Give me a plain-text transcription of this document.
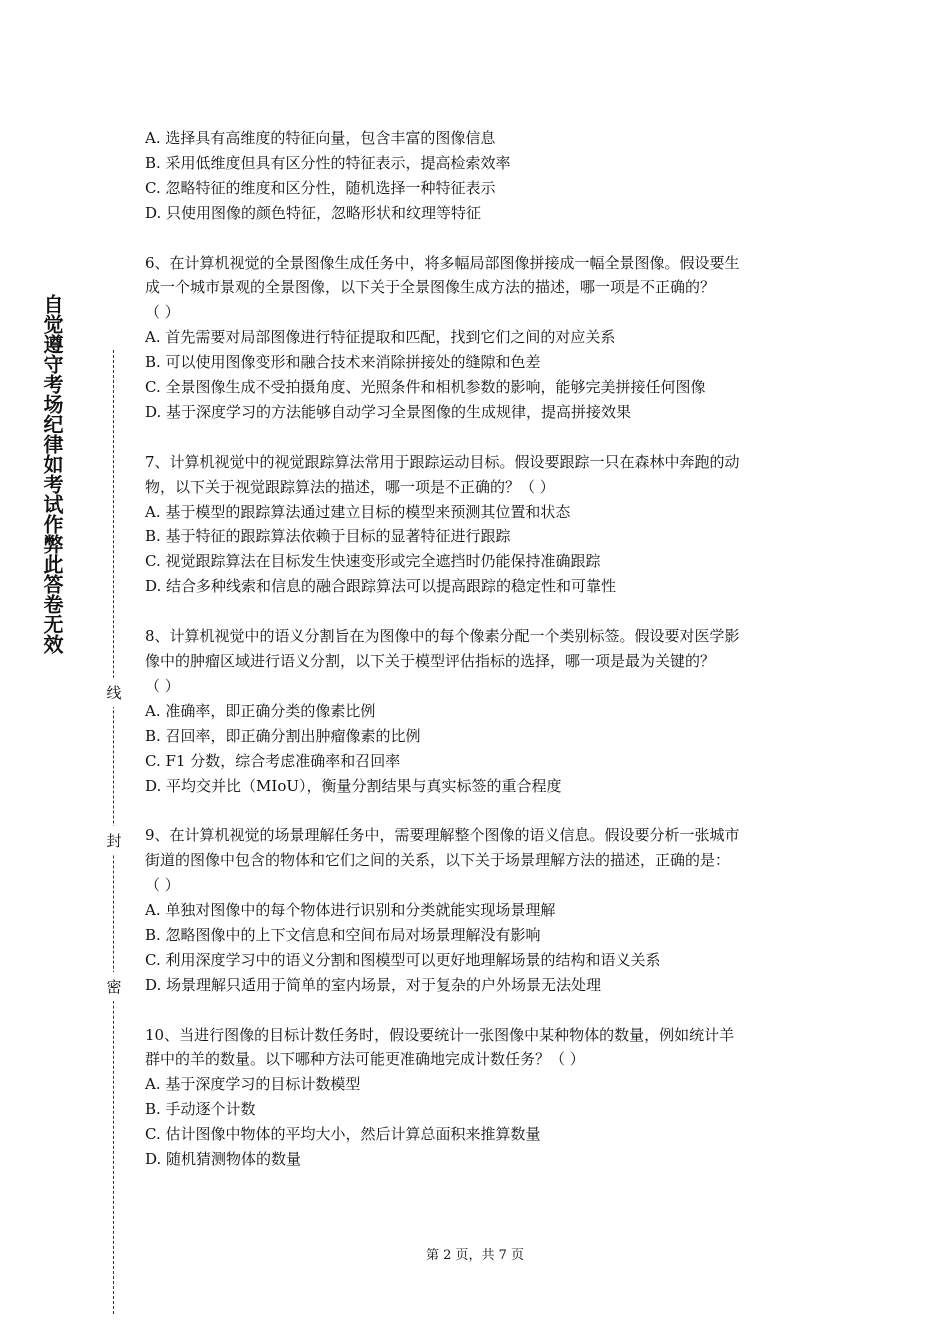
自觉遵守考场纪律如考试作弊此答卷无效
线
封
密
A. 选择具有高维度的特征向量，包含丰富的图像信息
B. 采用低维度但具有区分性的特征表示，提高检索效率
C. 忽略特征的维度和区分性，随机选择一种特征表示
D. 只使用图像的颜色特征，忽略形状和纹理等特征
6、在计算机视觉的全景图像生成任务中，将多幅局部图像拼接成一幅全景图像。假设要生
成一个城市景观的全景图像，以下关于全景图像生成方法的描述，哪一项是不正确的？
（ ）
A. 首先需要对局部图像进行特征提取和匹配，找到它们之间的对应关系
B. 可以使用图像变形和融合技术来消除拼接处的缝隙和色差
C. 全景图像生成不受拍摄角度、光照条件和相机参数的影响，能够完美拼接任何图像
D. 基于深度学习的方法能够自动学习全景图像的生成规律，提高拼接效果
7、计算机视觉中的视觉跟踪算法常用于跟踪运动目标。假设要跟踪一只在森林中奔跑的动
物，以下关于视觉跟踪算法的描述，哪一项是不正确的？（ ）
A. 基于模型的跟踪算法通过建立目标的模型来预测其位置和状态
B. 基于特征的跟踪算法依赖于目标的显著特征进行跟踪
C. 视觉跟踪算法在目标发生快速变形或完全遮挡时仍能保持准确跟踪
D. 结合多种线索和信息的融合跟踪算法可以提高跟踪的稳定性和可靠性
8、计算机视觉中的语义分割旨在为图像中的每个像素分配一个类别标签。假设要对医学影
像中的肿瘤区域进行语义分割，以下关于模型评估指标的选择，哪一项是最为关键的？
（ ）
A. 准确率，即正确分类的像素比例
B. 召回率，即正确分割出肿瘤像素的比例
C. F1 分数，综合考虑准确率和召回率
D. 平均交并比（MIoU），衡量分割结果与真实标签的重合程度
9、在计算机视觉的场景理解任务中，需要理解整个图像的语义信息。假设要分析一张城市
街道的图像中包含的物体和它们之间的关系，以下关于场景理解方法的描述，正确的是：
（ ）
A. 单独对图像中的每个物体进行识别和分类就能实现场景理解
B. 忽略图像中的上下文信息和空间布局对场景理解没有影响
C. 利用深度学习中的语义分割和图模型可以更好地理解场景的结构和语义关系
D. 场景理解只适用于简单的室内场景，对于复杂的户外场景无法处理
10、当进行图像的目标计数任务时，假设要统计一张图像中某种物体的数量，例如统计羊
群中的羊的数量。以下哪种方法可能更准确地完成计数任务？（ ）
A. 基于深度学习的目标计数模型
B. 手动逐个计数
C. 估计图像中物体的平均大小，然后计算总面积来推算数量
D. 随机猜测物体的数量
第 2 页，共 7 页
